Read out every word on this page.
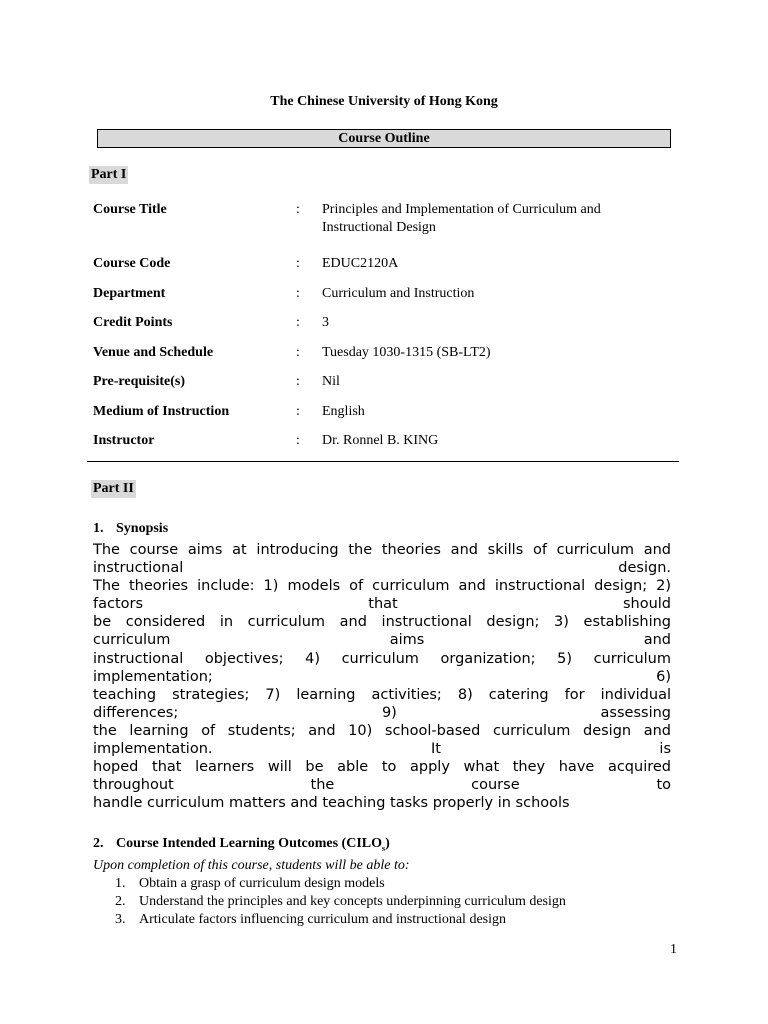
The Chinese University of Hong Kong
Course Outline
Part I
Course Title	: Principles and Implementation of Curriculum and
Instructional Design
Course Code	: EDUC2120A
Department	: Curriculum and Instruction
Credit Points	: 3
Venue and Schedule	: Tuesday 1030-1315 (SB-LT2)
Pre-requisite(s)	: Nil
Medium of Instruction	: English
Instructor	: Dr. Ronnel B. KING
Part II
1. Synopsis
The course aims at introducing the theories and skills of curriculum and
instructional design.
The theories include: 1) models of curriculum and instructional design; 2)
factors that should
be considered in curriculum and instructional design; 3) establishing
curriculum aims and
instructional objectives; 4) curriculum organization; 5) curriculum
implementation; 6)
teaching strategies; 7) learning activities; 8) catering for individual
differences; 9) assessing
the learning of students; and 10) school-based curriculum design and
implementation. It is
hoped that learners will be able to apply what they have acquired
throughout the course to
handle curriculum matters and teaching tasks properly in schools
2. Course Intended Learning Outcomes $(CILO_s)$
Upon completion of this course, students will be able to:
1. Obtain a grasp of curriculum design models
2. Understand the principles and key concepts underpinning curriculum design
3. Articulate factors influencing curriculum and instructional design
1
